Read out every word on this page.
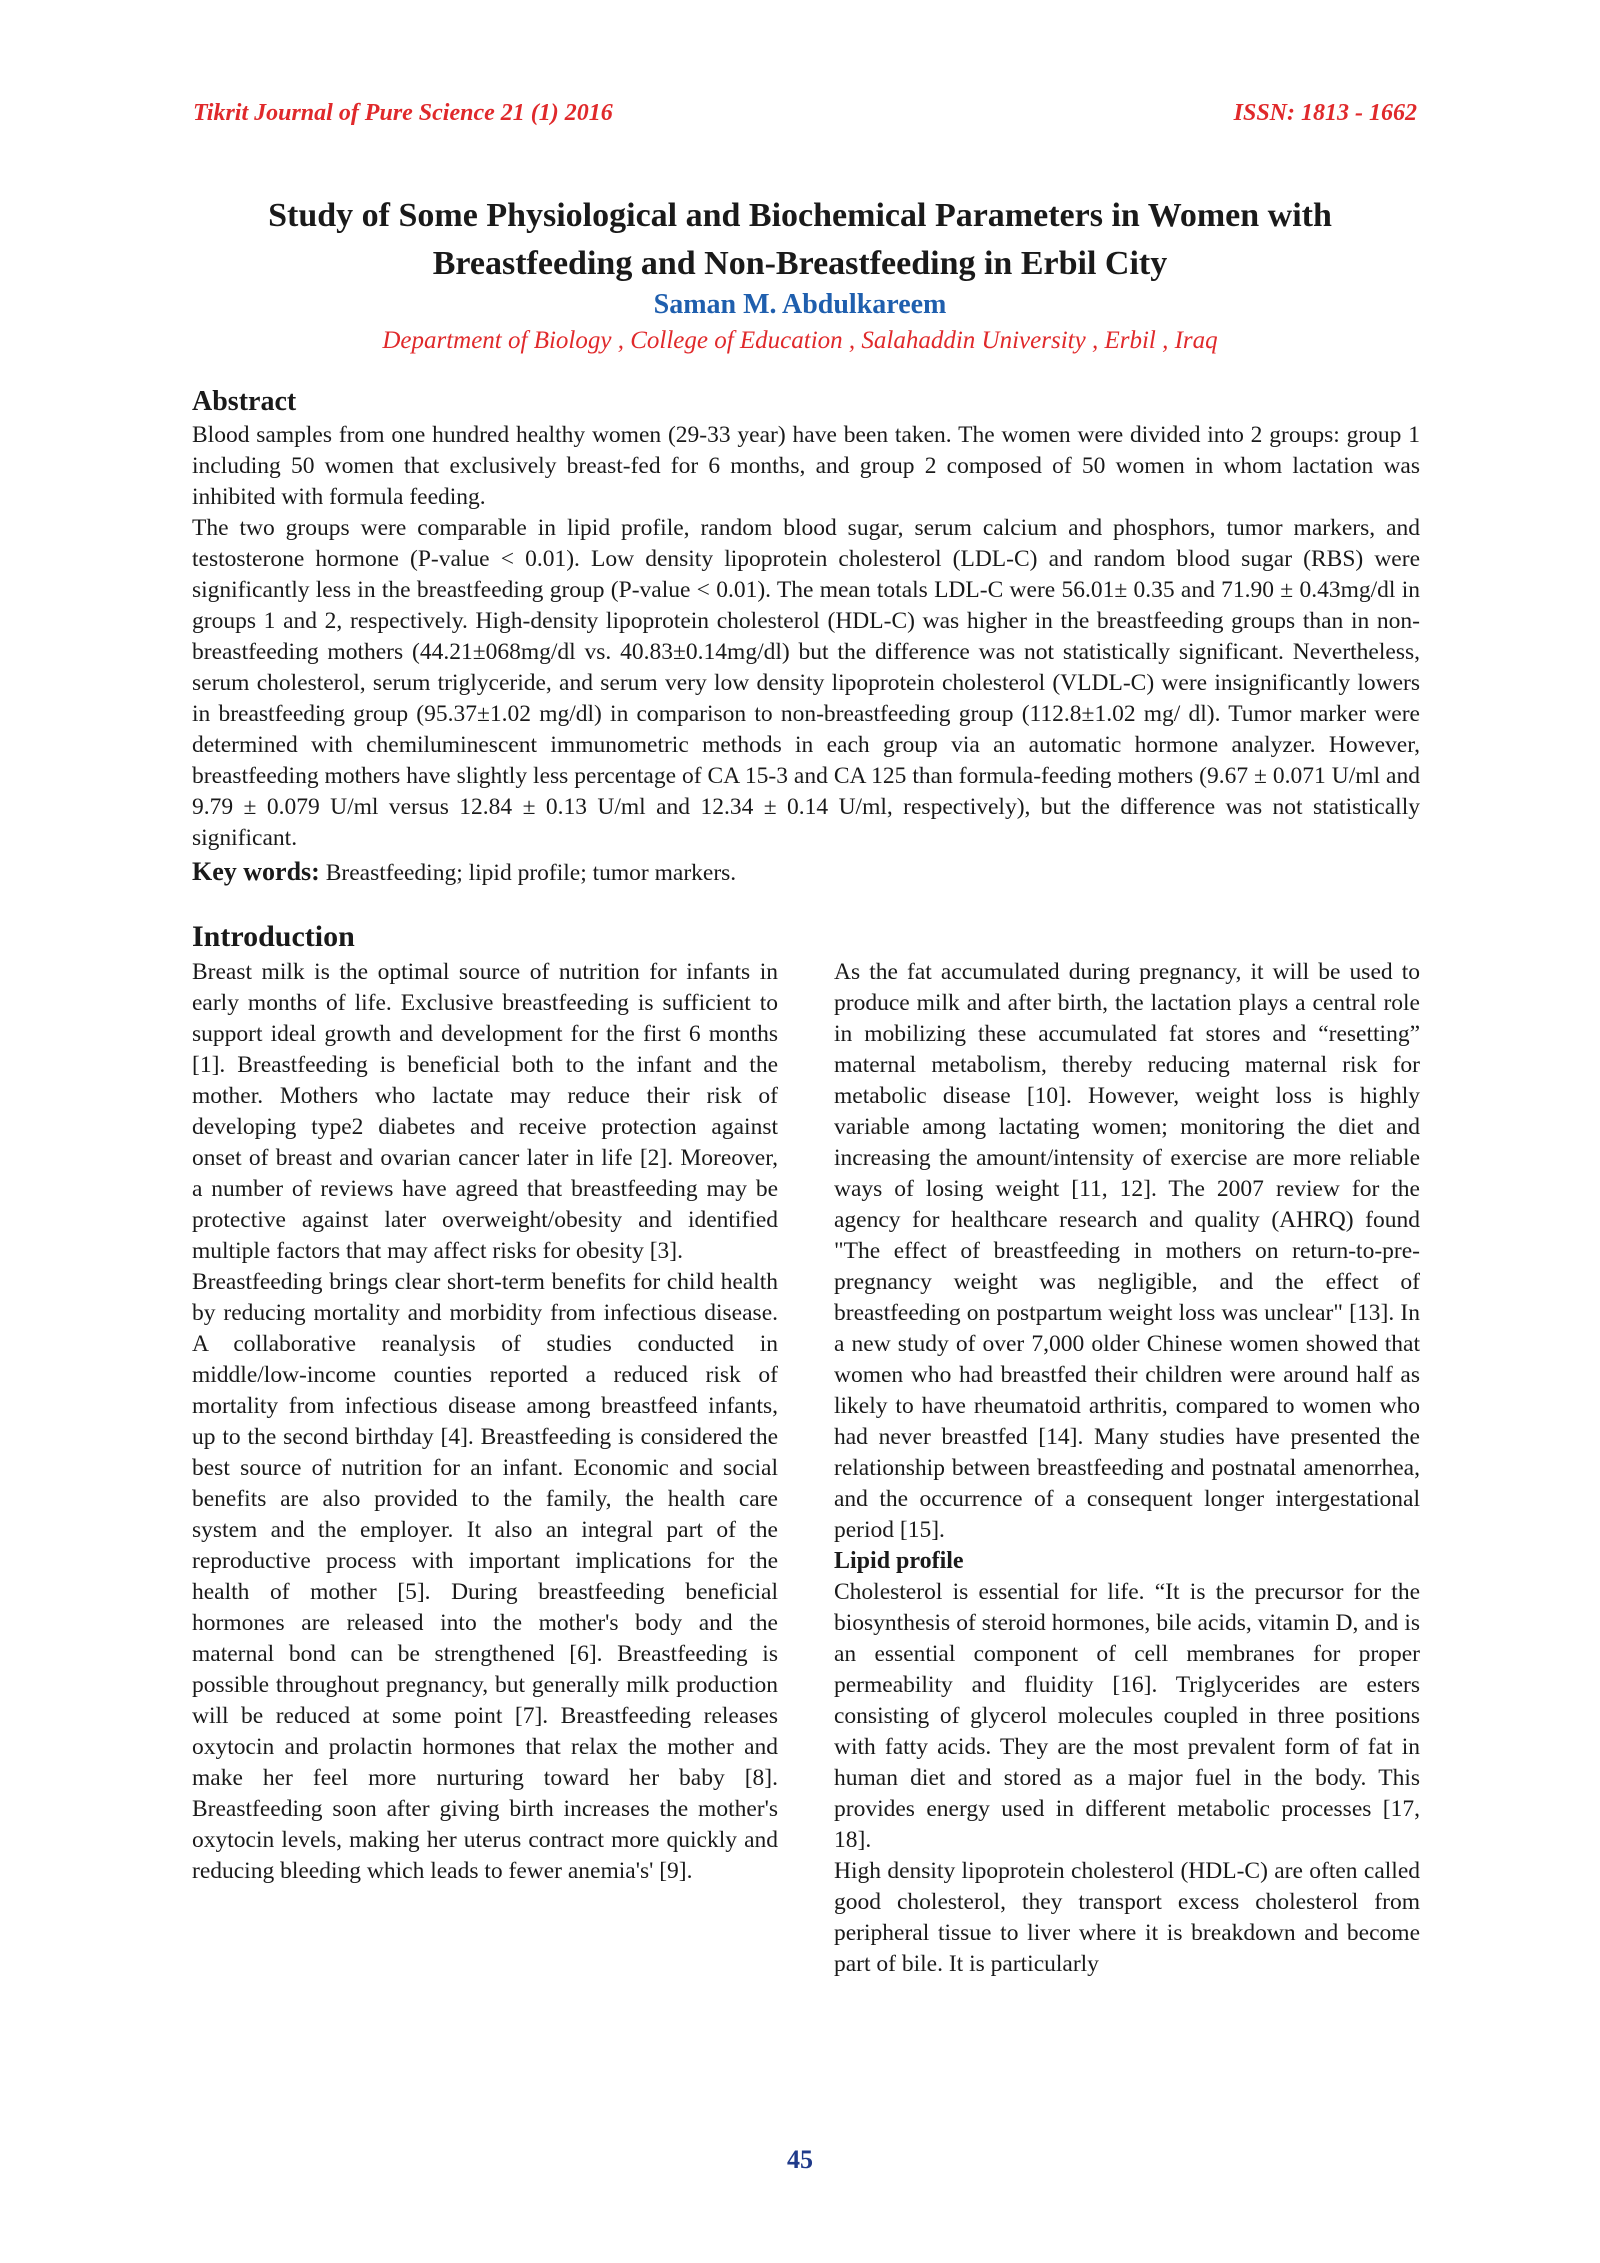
Tikrit Journal of Pure Science 21 (1) 2016	ISSN: 1813 - 1662
Study of Some Physiological and Biochemical Parameters in Women with
Breastfeeding and Non-Breastfeeding in Erbil City
Saman M. Abdulkareem
Department of Biology , College of Education , Salahaddin University , Erbil , Iraq
Abstract

Blood samples from one hundred healthy women (29-33 year) have been taken. The women were divided into 2 groups: group 1 including 50 women that exclusively breast-fed for 6 months, and group 2 composed of 50 women in whom lactation was inhibited with formula feeding.

The two groups were comparable in lipid profile, random blood sugar, serum calcium and phosphors, tumor markers, and testosterone hormone (P-value < 0.01). Low density lipoprotein cholesterol (LDL-C) and random blood sugar (RBS) were significantly less in the breastfeeding group (P-value < 0.01). The mean totals LDL-C were 56.01± 0.35 and 71.90 ± 0.43mg/dl in groups 1 and 2, respectively. High-density lipoprotein cholesterol (HDL-C) was higher in the breastfeeding groups than in non-breastfeeding mothers (44.21±068mg/dl vs. 40.83±0.14mg/dl) but the difference was not statistically significant. Nevertheless, serum cholesterol, serum triglyceride, and serum very low density lipoprotein cholesterol (VLDL-C) were insignificantly lowers in breastfeeding group (95.37±1.02 mg/dl) in comparison to non-breastfeeding group (112.8±1.02 mg/ dl). Tumor marker were determined with chemiluminescent immunometric methods in each group via an automatic hormone analyzer. However, breastfeeding mothers have slightly less percentage of CA 15-3 and CA 125 than formula-feeding mothers (9.67 ± 0.071 U/ml and 9.79 ± 0.079 U/ml versus 12.84 ± 0.13 U/ml and 12.34 ± 0.14 U/ml, respectively), but the difference was not statistically significant.

Key words: Breastfeeding; lipid profile; tumor markers.
Introduction

Breast milk is the optimal source of nutrition for infants in early months of life. Exclusive breastfeeding is sufficient to support ideal growth and development for the first 6 months [1]. Breastfeeding is beneficial both to the infant and the mother. Mothers who lactate may reduce their risk of developing type2 diabetes and receive protection against onset of breast and ovarian cancer later in life [2]. Moreover, a number of reviews have agreed that breastfeeding may be protective against later overweight/obesity and identified multiple factors that may affect risks for obesity [3].

Breastfeeding brings clear short-term benefits for child health by reducing mortality and morbidity from infectious disease. A collaborative reanalysis of studies conducted in middle/low-income counties reported a reduced risk of mortality from infectious disease among breastfeed infants, up to the second birthday [4]. Breastfeeding is considered the best source of nutrition for an infant. Economic and social benefits are also provided to the family, the health care system and the employer. It also an integral part of the reproductive process with important implications for the health of mother [5]. During breastfeeding beneficial hormones are released into the mother's body and the maternal bond can be strengthened [6]. Breastfeeding is possible throughout pregnancy, but generally milk production will be reduced at some point [7]. Breastfeeding releases oxytocin and prolactin hormones that relax the mother and make her feel more nurturing toward her baby [8]. Breastfeeding soon after giving birth increases the mother's oxytocin levels, making her uterus contract more quickly and reducing bleeding which leads to fewer anemia's' [9].

As the fat accumulated during pregnancy, it will be used to produce milk and after birth, the lactation plays a central role in mobilizing these accumulated fat stores and “resetting” maternal metabolism, thereby reducing maternal risk for metabolic disease [10]. However, weight loss is highly variable among lactating women; monitoring the diet and increasing the amount/intensity of exercise are more reliable ways of losing weight [11, 12]. The 2007 review for the agency for healthcare research and quality (AHRQ) found "The effect of breastfeeding in mothers on return-to-pre-pregnancy weight was negligible, and the effect of breastfeeding on postpartum weight loss was unclear" [13]. In a new study of over 7,000 older Chinese women showed that women who had breastfed their children were around half as likely to have rheumatoid arthritis, compared to women who had never breastfed [14]. Many studies have presented the relationship between breastfeeding and postnatal amenorrhea, and the occurrence of a consequent longer intergestational period [15].

Lipid profile

Cholesterol is essential for life. “It is the precursor for the biosynthesis of steroid hormones, bile acids, vitamin D, and is an essential component of cell membranes for proper permeability and fluidity [16]. Triglycerides are esters consisting of glycerol molecules coupled in three positions with fatty acids. They are the most prevalent form of fat in human diet and stored as a major fuel in the body. This provides energy used in different metabolic processes [17, 18].

High density lipoprotein cholesterol (HDL-C) are often called good cholesterol, they transport excess cholesterol from peripheral tissue to liver where it is breakdown and become part of bile. It is particularly

45
